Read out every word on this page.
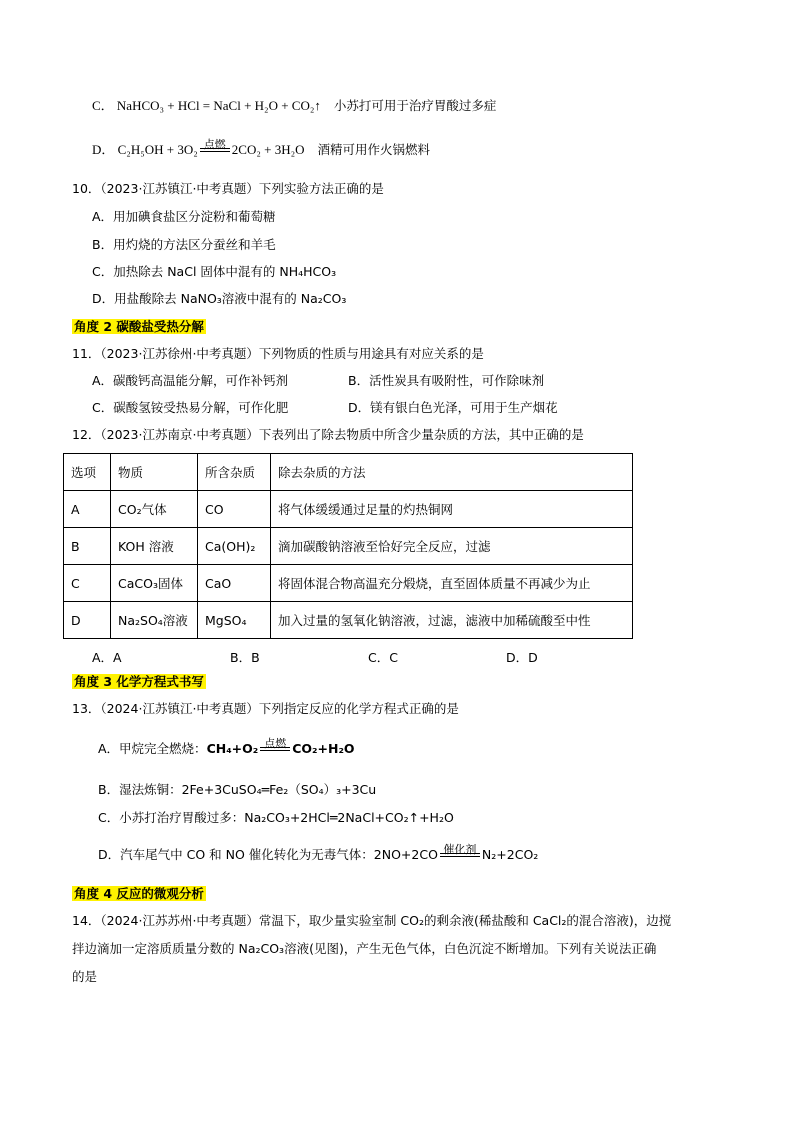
C． NaHCO₃ + HCl = NaCl + H₂O + CO₂↑ 小苏打可用于治疗胃酸过多症
D． C₂H₅OH + 3O₂ 点燃 2CO₂ + 3H₂O 酒精可用作火锅燃料
10．（2023·江苏镇江·中考真题）下列实验方法正确的是
A．用加碘食盐区分淀粉和葡萄糖
B．用灼烧的方法区分蚕丝和羊毛
C．加热除去 NaCl 固体中混有的 NH₄HCO₃
D．用盐酸除去 NaNO₃溶液中混有的 Na₂CO₃
角度 2 碳酸盐受热分解
11．（2023·江苏徐州·中考真题）下列物质的性质与用途具有对应关系的是
A．碳酸钙高温能分解，可作补钙剂	B．活性炭具有吸附性，可作除味剂
C．碳酸氢铵受热易分解，可作化肥	D．镁有银白色光泽，可用于生产烟花
12．（2023·江苏南京·中考真题）下表列出了除去物质中所含少量杂质的方法，其中正确的是
选项	物质	所含杂质	除去杂质的方法
A	CO₂气体	CO	将气体缓缓通过足量的灼热铜网
B	KOH 溶液	Ca(OH)₂	滴加碳酸钠溶液至恰好完全反应，过滤
C	CaCO₃固体	CaO	将固体混合物高温充分煅烧，直至固体质量不再减少为止
D	Na₂SO₄溶液	MgSO₄	加入过量的氢氧化钠溶液，过滤，滤液中加稀硫酸至中性
A．A	B．B	C．C	D．D
角度 3 化学方程式书写
13．（2024·江苏镇江·中考真题）下列指定反应的化学方程式正确的是
A．甲烷完全燃烧：CH₄+O₂ 点燃 CO₂+H₂O
B．湿法炼铜：2Fe+3CuSO₄═Fe₂（SO₄）₃+3Cu
C．小苏打治疗胃酸过多：Na₂CO₃+2HCl═2NaCl+CO₂↑+H₂O
D．汽车尾气中 CO 和 NO 催化转化为无毒气体：2NO+2CO 催化剂 N₂+2CO₂
角度 4 反应的微观分析
14．（2024·江苏苏州·中考真题）常温下，取少量实验室制 CO₂的剩余液(稀盐酸和 CaCl₂的混合溶液)，边搅
拌边滴加一定溶质质量分数的 Na₂CO₃溶液(见图)，产生无色气体，白色沉淀不断增加。下列有关说法正确
的是
